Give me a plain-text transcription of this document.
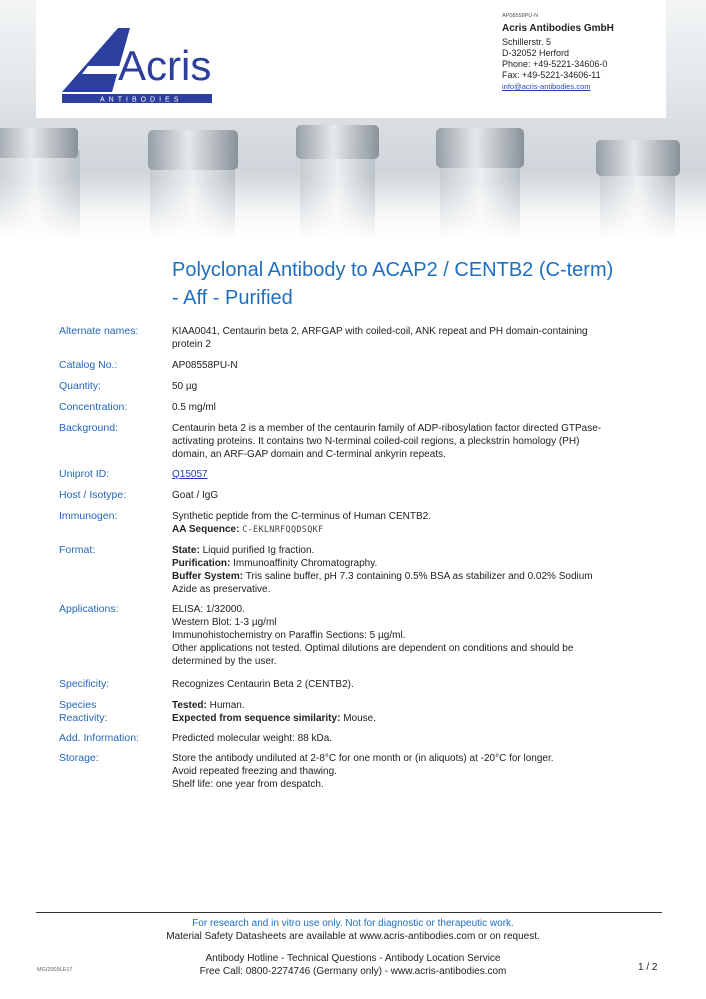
Acris
ANTIBODIES
AP08558PU-N
Acris Antibodies GmbH
Schillerstr. 5
D-32052 Herford
Phone: +49-5221-34606-0
Fax: +49-5221-34606-11
info@acris-antibodies.com
Polyclonal Antibody to ACAP2 / CENTB2 (C-term) - Aff - Purified
Alternate names:	KIAA0041, Centaurin beta 2, ARFGAP with coiled-coil, ANK repeat and PH domain-containing
protein 2
Catalog No.:	AP08558PU-N
Quantity:	50 µg
Concentration:	0.5 mg/ml
Background:	Centaurin beta 2 is a member of the centaurin family of ADP-ribosylation factor directed GTPase-
activating proteins. It contains two N-terminal coiled-coil regions, a pleckstrin homology (PH)
domain, an ARF-GAP domain and C-terminal ankyrin repeats.
Uniprot ID:	Q15057
Host / Isotype:	Goat / IgG
Immunogen:	Synthetic peptide from the C-terminus of Human CENTB2.
AA Sequence: C-EKLNRFQQDSQKF
Format:	State: Liquid purified Ig fraction.
Purification: Immunoaffinity Chromatography.
Buffer System: Tris saline buffer, pH 7.3 containing 0.5% BSA as stabilizer and 0.02% Sodium
Azide as preservative.
Applications:	ELISA: 1/32000.
Western Blot: 1-3 µg/ml
Immunohistochemistry on Paraffin Sections: 5 µg/ml.
Other applications not tested. Optimal dilutions are dependent on conditions and should be
determined by the user.
Specificity:	Recognizes Centaurin Beta 2 (CENTB2).
Species
Reactivity:
Tested: Human.
Expected from sequence similarity: Mouse.
Add. Information:	Predicted molecular weight: 88 kDa.
Storage:	Store the antibody undiluted at 2-8°C for one month or (in aliquots) at -20°C for longer.
Avoid repeated freezing and thawing.
Shelf life: one year from despatch.
For research and in vitro use only. Not for diagnostic or therapeutic work.
Material Safety Datasheets are available at www.acris-antibodies.com or on request.
Antibody Hotline - Technical Questions - Antibody Location Service
Free Call: 0800-2274746 (Germany only) - www.acris-antibodies.com
MG/2009LE17	1 / 2
